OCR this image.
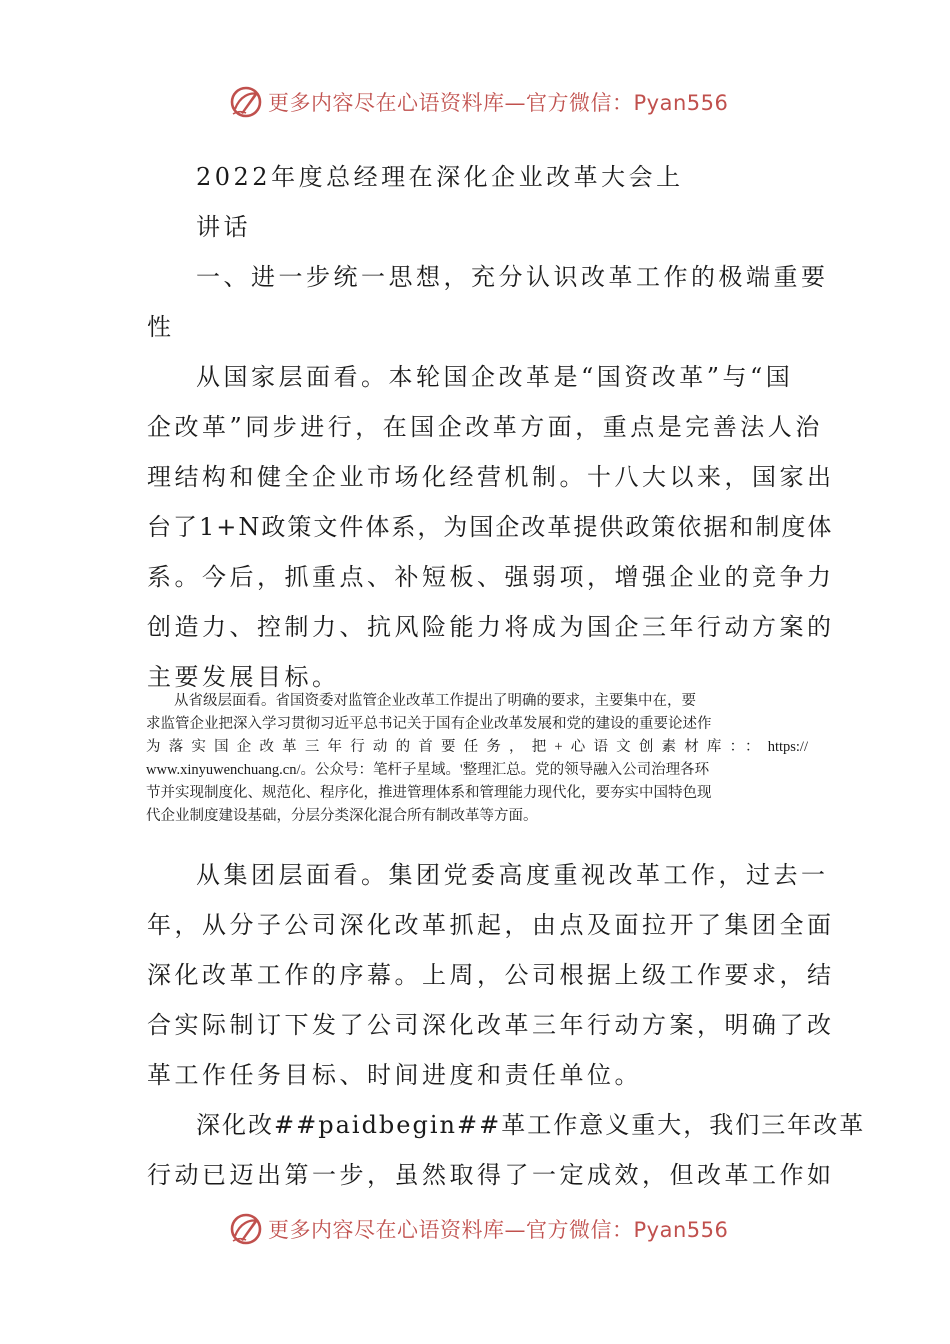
更多内容尽在心语资料库—官方微信：Pyan556
2022年度总经理在深化企业改革大会上
讲话
一、进一步统一思想，充分认识改革工作的极端重要
性
从国家层面看。本轮国企改革是“国资改革”与“国
企改革”同步进行，在国企改革方面，重点是完善法人治
理结构和健全企业市场化经营机制。十八大以来，国家出
台了1+N政策文件体系，为国企改革提供政策依据和制度体
系。今后，抓重点、补短板、强弱项，增强企业的竞争力
创造力、控制力、抗风险能力将成为国企三年行动方案的
主要发展目标。
从省级层面看。省国资委对监管企业改革工作提出了明确的要求，主要集中在，要
求监管企业把深入学习贯彻习近平总书记关于国有企业改革发展和党的建设的重要论述作
为落实国企改革三年行动的首要任务，把+心语文创素材库：：https://
www.xinyuwenchuang.cn/。公众号：笔杆子星域。'整理汇总。党的领导融入公司治理各环
节并实现制度化、规范化、程序化，推进管理体系和管理能力现代化，要夯实中国特色现
代企业制度建设基础，分层分类深化混合所有制改革等方面。
从集团层面看。集团党委高度重视改革工作，过去一
年，从分子公司深化改革抓起，由点及面拉开了集团全面
深化改革工作的序幕。上周，公司根据上级工作要求，结
合实际制订下发了公司深化改革三年行动方案，明确了改
革工作任务目标、时间进度和责任单位。
深化改##paidbegin##革工作意义重大，我们三年改革
行动已迈出第一步，虽然取得了一定成效，但改革工作如
更多内容尽在心语资料库—官方微信：Pyan556
